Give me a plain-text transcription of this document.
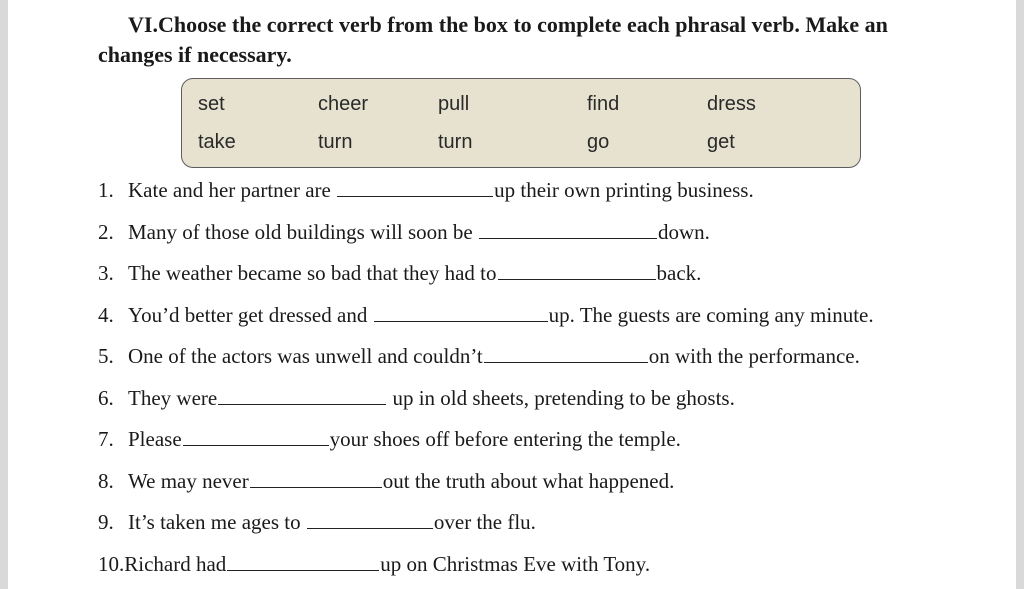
VI.Choose the correct verb from the box to complete each phrasal verb. Make an
changes if necessary.
set	cheer	pull	find	dress
take	turn	turn	go	get
1. Kate and her partner are	up their own printing business.
2. Many of those old buildings will soon be	down.
3. The weather became so bad that they had to	back.
4. You’d better get dressed and	up. The guests are coming any minute.
5. One of the actors was unwell and couldn’t	on with the performance.
6. They were	up in old sheets, pretending to be ghosts.
7. Please	your shoes off before entering the temple.
8. We may never	out the truth about what happened.
9. It’s taken me ages to	over the flu.
10.Richard had	up on Christmas Eve with Tony.
